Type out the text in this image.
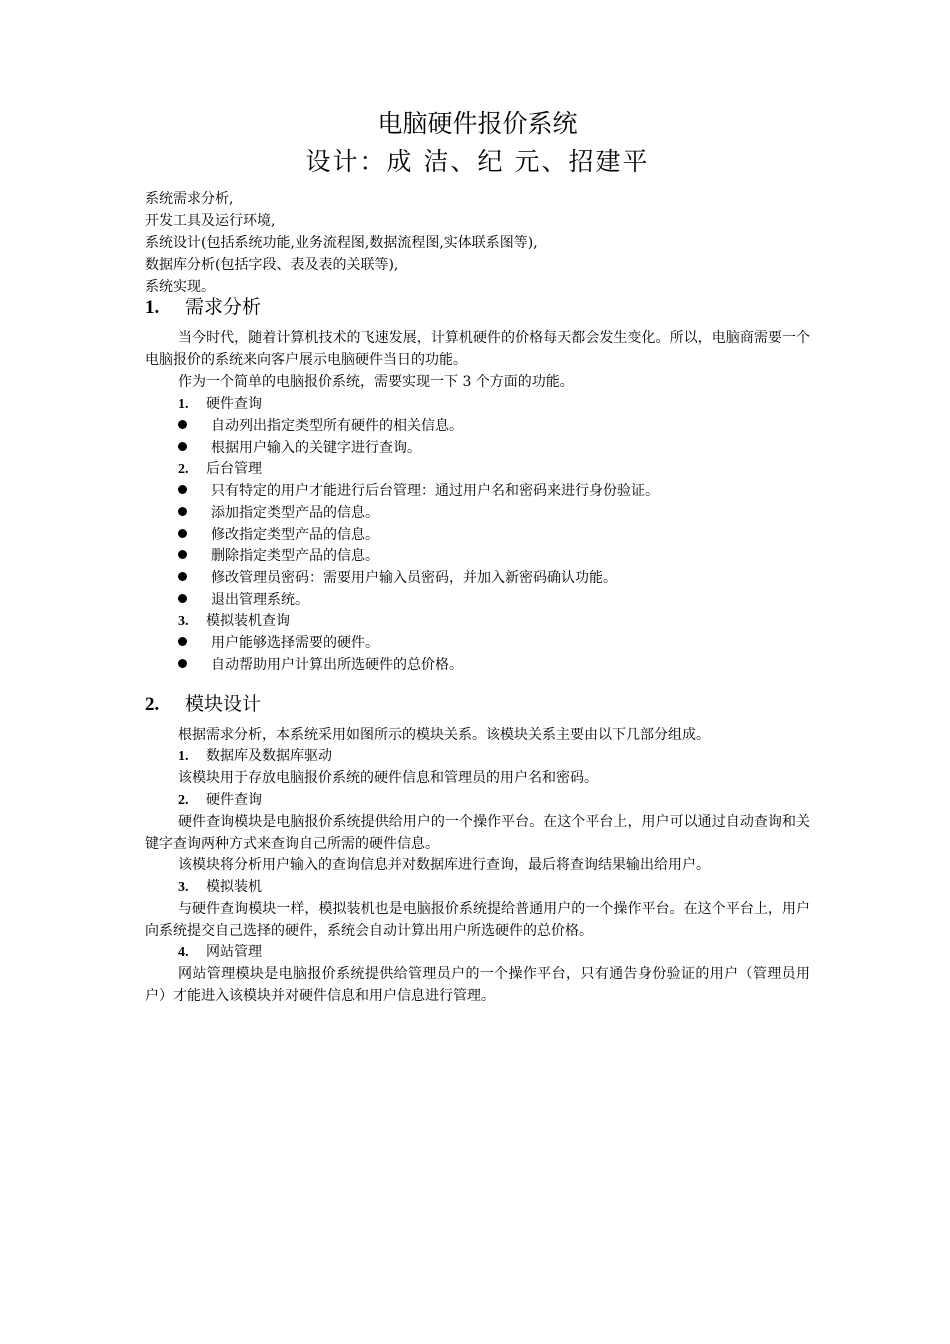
电脑硬件报价系统
设计：成 洁、纪 元、招建平
系统需求分析,
开发工具及运行环境,
系统设计(包括系统功能,业务流程图,数据流程图,实体联系图等),
数据库分析(包括字段、表及表的关联等),
系统实现。
1. 需求分析
当今时代，随着计算机技术的飞速发展，计算机硬件的价格每天都会发生变化。所以，电脑商需要一个电脑报价的系统来向客户展示电脑硬件当日的功能。
作为一个简单的电脑报价系统，需要实现一下 3 个方面的功能。
1. 硬件查询
自动列出指定类型所有硬件的相关信息。
根据用户输入的关键字进行查询。
2. 后台管理
只有特定的用户才能进行后台管理：通过用户名和密码来进行身份验证。
添加指定类型产品的信息。
修改指定类型产品的信息。
删除指定类型产品的信息。
修改管理员密码：需要用户输入员密码，并加入新密码确认功能。
退出管理系统。
3. 模拟装机查询
用户能够选择需要的硬件。
自动帮助用户计算出所选硬件的总价格。
2. 模块设计
根据需求分析，本系统采用如图所示的模块关系。该模块关系主要由以下几部分组成。
1. 数据库及数据库驱动
该模块用于存放电脑报价系统的硬件信息和管理员的用户名和密码。
2. 硬件查询
硬件查询模块是电脑报价系统提供给用户的一个操作平台。在这个平台上，用户可以通过自动查询和关键字查询两种方式来查询自己所需的硬件信息。
该模块将分析用户输入的查询信息并对数据库进行查询，最后将查询结果输出给用户。
3. 模拟装机
与硬件查询模块一样，模拟装机也是电脑报价系统提给普通用户的一个操作平台。在这个平台上，用户向系统提交自己选择的硬件，系统会自动计算出用户所选硬件的总价格。
4. 网站管理
网站管理模块是电脑报价系统提供给管理员户的一个操作平台，只有通告身份验证的用户（管理员用户）才能进入该模块并对硬件信息和用户信息进行管理。
